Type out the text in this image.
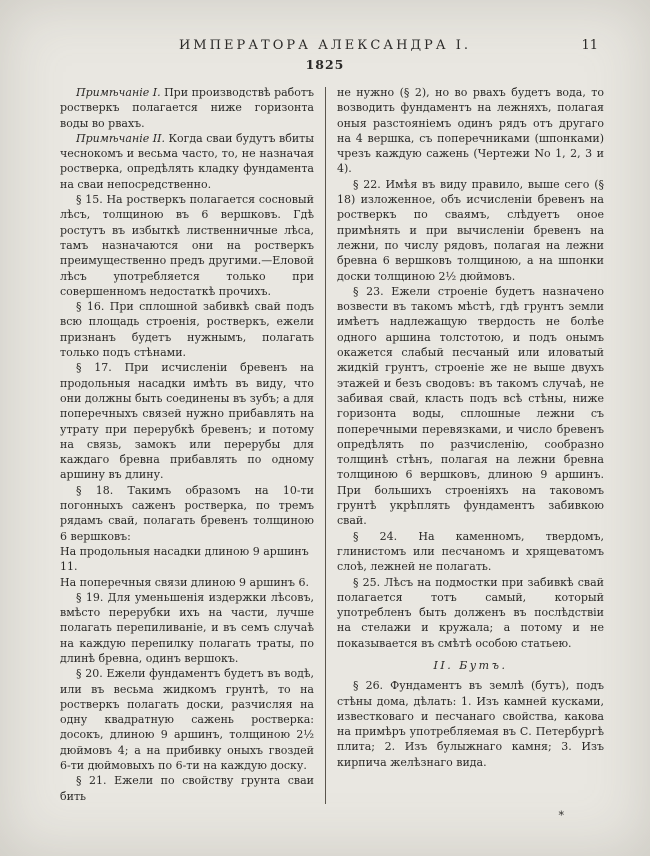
ИМПЕРАТОРА АЛЕКСАНДРА I.	11
1825

Примѣчаніе I. При производствѣ работъ ростверкъ полагается ниже горизонта воды во рвахъ.

Примѣчаніе II. Когда сваи будутъ вбиты чеснокомъ и весьма часто, то, не назначая ростверка, опредѣлять кладку фундамента на сваи непосредственно.

§ 15. На ростверкъ полагается сосновый лѣсъ, толщиною въ 6 вершковъ. Гдѣ ростутъ въ избыткѣ лиственничные лѣса, тамъ назначаются они на ростверкъ преимущественно предъ другими.—Еловой лѣсъ употребляется только при совершенномъ недостаткѣ прочихъ.

§ 16. При сплошной забивкѣ свай подъ всю площадь строенія, ростверкъ, ежели признанъ будетъ нужнымъ, полагать только подъ стѣнами.

§ 17. При исчисленіи бревенъ на продольныя насадки имѣть въ виду, что они должны быть соединены въ зубъ; а для поперечныхъ связей нужно прибавлять на утрату при перерубкѣ бревенъ; и потому на связь, замокъ или перерубы для каждаго бревна прибавлять по одному аршину въ длину.

§ 18. Такимъ образомъ на 10-ти погонныхъ саженъ ростверка, по тремъ рядамъ свай, полагать бревенъ толщиною 6 вершковъ:

На продольныя насадки длиною 9 аршинъ 11.

На поперечныя связи длиною 9 аршинъ 6.

§ 19. Для уменьшенія издержки лѣсовъ, вмѣсто перерубки ихъ на части, лучше полагать перепиливаніе, и въ семъ случаѣ на каждую перепилку полагать траты, по длинѣ бревна, одинъ вершокъ.

§ 20. Ежели фундаментъ будетъ въ водѣ, или въ весьма жидкомъ грунтѣ, то на ростверкъ полагать доски, разчисляя на одну квадратную сажень ростверка: досокъ, длиною 9 аршинъ, толщиною 2½ дюймовъ 4; а на прибивку оныхъ гвоздей 6-ти дюймовыхъ по 6-ти на каждую доску.

§ 21. Ежели по свойству грунта сваи бить

не нужно (§ 2), но во рвахъ будетъ вода, то возводить фундаментъ на лежняхъ, полагая оныя разстояніемъ одинъ рядъ отъ другаго на 4 вершка, съ поперечниками (шпонками) чрезъ каждую сажень (Чертежи No 1, 2, 3 и 4).

§ 22. Имѣя въ виду правило, выше сего (§ 18) изложенное, объ исчисленіи бревенъ на ростверкъ по сваямъ, слѣдуетъ оное примѣнять и при вычисленіи бревенъ на лежни, по числу рядовъ, полагая на лежни бревна 6 вершковъ толщиною, а на шпонки доски толщиною 2½ дюймовъ.

§ 23. Ежели строеніе будетъ назначено возвести въ такомъ мѣстѣ, гдѣ грунтъ земли имѣетъ надлежащую твердость не болѣе одного аршина толстотою, и подъ онымъ окажется слабый песчаный или иловатый жидкій грунтъ, строеніе же не выше двухъ этажей и безъ сводовъ: въ такомъ случаѣ, не забивая свай, класть подъ всѣ стѣны, ниже горизонта воды, сплошные лежни съ поперечными перевязками, и число бревенъ опредѣлять по разчисленію, сообразно толщинѣ стѣнъ, полагая на лежни бревна толщиною 6 вершковъ, длиною 9 аршинъ. При большихъ строеніяхъ на таковомъ грунтѣ укрѣплять фундаментъ забивкою свай.

§ 24. На каменномъ, твердомъ, глинистомъ или песчаномъ и хрящеватомъ слоѣ, лежней не полагать.

§ 25. Лѣсъ на подмостки при забивкѣ свай полагается тотъ самый, который употребленъ быть долженъ въ послѣдствіи на стелажи и кружала; а потому и не показывается въ смѣтѣ особою статьею.

II. Бутъ.

§ 26. Фундаментъ въ землѣ (бутъ), подъ стѣны дома, дѣлать: 1. Изъ камней кусками, известковаго и песчанаго свойства, какова на примѣръ употребляемая въ С. Петербургѣ плита; 2. Изъ булыжнаго камня; 3. Изъ кирпича желѣзнаго вида.

*
